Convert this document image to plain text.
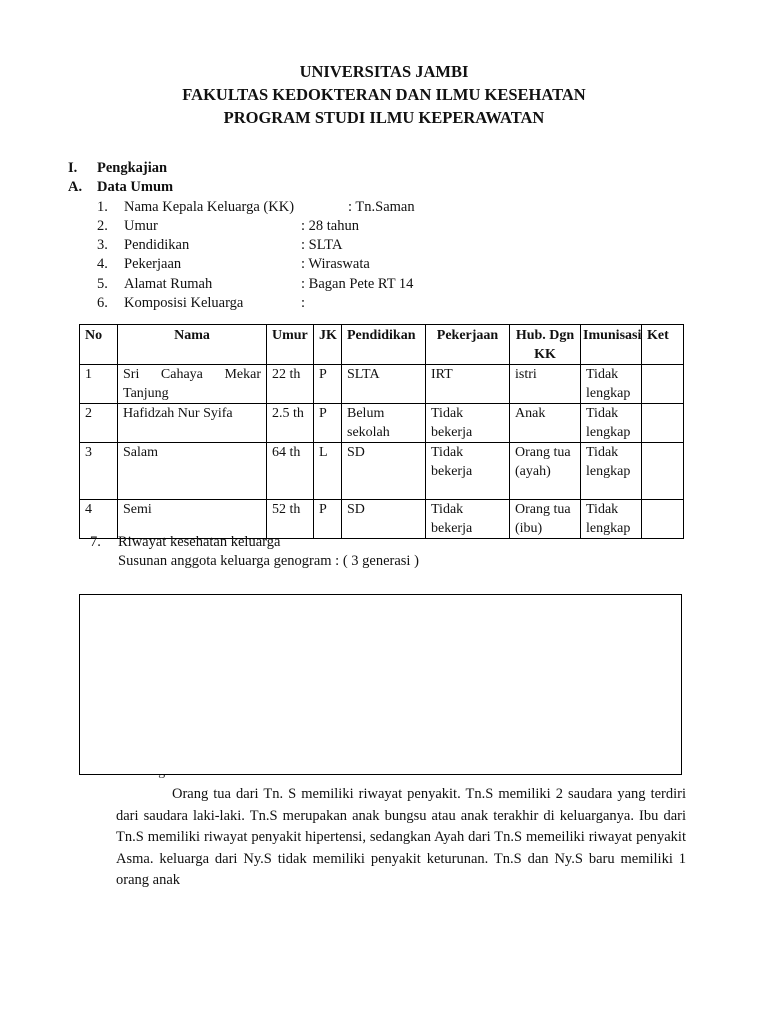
UNIVERSITAS JAMBI
FAKULTAS KEDOKTERAN DAN ILMU KESEHATAN
PROGRAM STUDI ILMU KEPERAWATAN
I. Pengkajian
A. Data Umum
1. Nama Kepala Keluarga (KK)	: Tn.Saman
2. Umur	: 28 tahun
3. Pendidikan	: SLTA
4. Pekerjaan	: Wiraswata
5. Alamat Rumah	: Bagan Pete RT 14
6. Komposisi Keluarga	:
No	Nama	Umur	JK	Pendidikan	Pekerjaan	Hub. Dgn KK	Imunisasi	Ket
1	Sri Cahaya Mekar Tanjung	22 th	P	SLTA	IRT	istri	Tidak lengkap	
2	Hafidzah Nur Syifa	2.5 th	P	Belum sekolah	Tidak bekerja	Anak	Tidak lengkap	
3	Salam	64 th	L	SD	Tidak bekerja	Orang tua (ayah)	Tidak lengkap	
4	Semi	52 th	P	SD	Tidak bekerja	Orang tua (ibu)	Tidak lengkap	
7. Riwayat kesehatan keluarga
Susunan anggota keluarga genogram : ( 3 generasi )
Orang tua dari Tn. S memiliki riwayat penyakit. Tn.S memiliki 2 saudara yang terdiri dari saudara laki-laki. Tn.S merupakan anak bungsu atau anak terakhir di keluarganya. Ibu dari Tn.S memiliki riwayat penyakit hipertensi, sedangkan Ayah dari Tn.S memeiliki riwayat penyakit Asma. keluarga dari Ny.S tidak memiliki penyakit keturunan. Tn.S dan Ny.S baru memiliki 1 orang anak
